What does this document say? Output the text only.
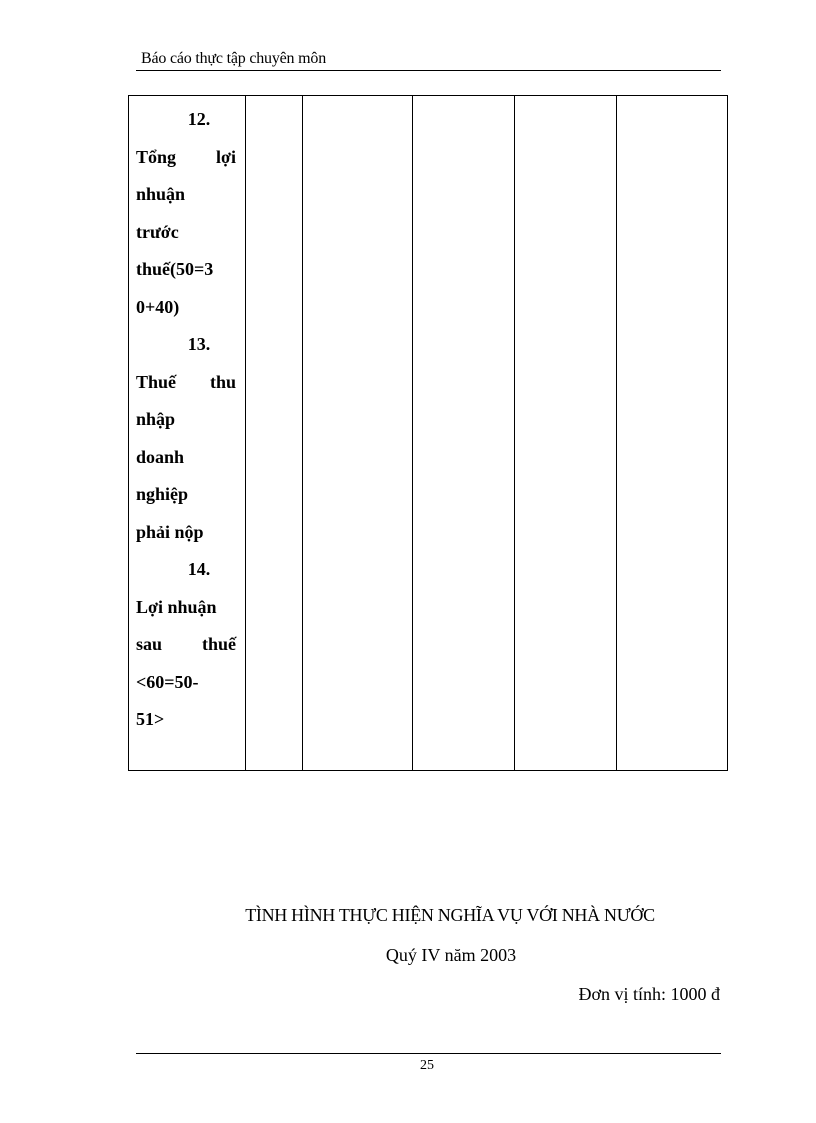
Báo cáo thực tập chuyên môn
12.
Tổng lợi
nhuận
trước
thuế(50=3
0+40)
13.
Thuế thu
nhập
doanh
nghiệp
phải nộp
14.
Lợi nhuận
sau thuế
<60=50-
51>

TÌNH HÌNH THỰC HIỆN NGHĨA VỤ VỚI NHÀ NƯỚC
Quý IV năm 2003
Đơn vị tính: 1000 đ
25
